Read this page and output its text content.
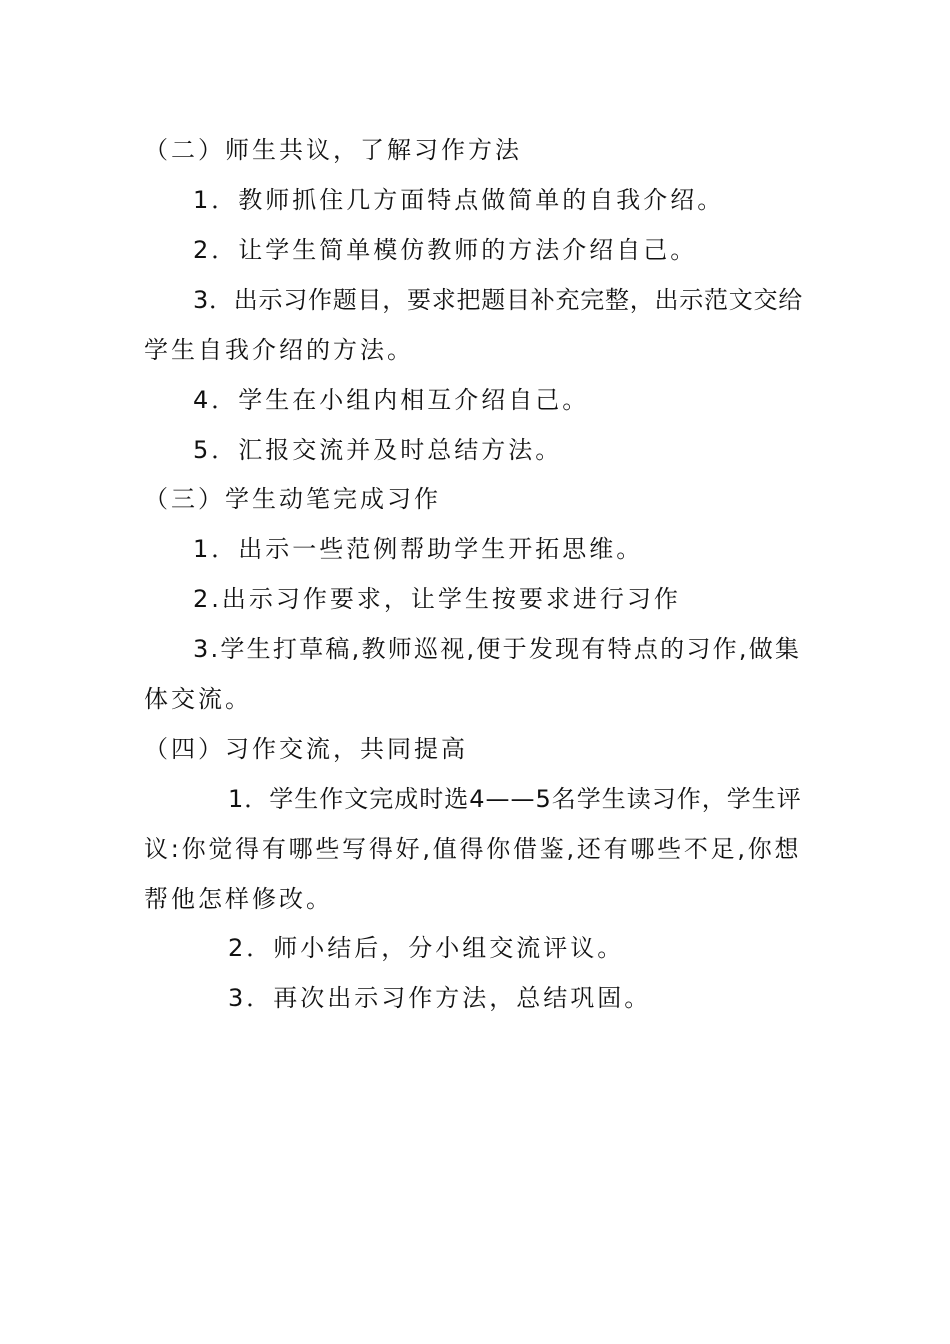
（二）师生共议，了解习作方法
1．教师抓住几方面特点做简单的自我介绍。
2．让学生简单模仿教师的方法介绍自己。
3．出示习作题目，要求把题目补充完整，出示范文交给
学生自我介绍的方法。
4．学生在小组内相互介绍自己。
5．汇报交流并及时总结方法。
（三）学生动笔完成习作
1．出示一些范例帮助学生开拓思维。
2.出示习作要求，让学生按要求进行习作
3.学生打草稿,教师巡视,便于发现有特点的习作,做集
体交流。
（四）习作交流，共同提高
1．学生作文完成时选4——5名学生读习作，学生评
议:你觉得有哪些写得好,值得你借鉴,还有哪些不足,你想
帮他怎样修改。
2．师小结后，分小组交流评议。
3．再次出示习作方法，总结巩固。
